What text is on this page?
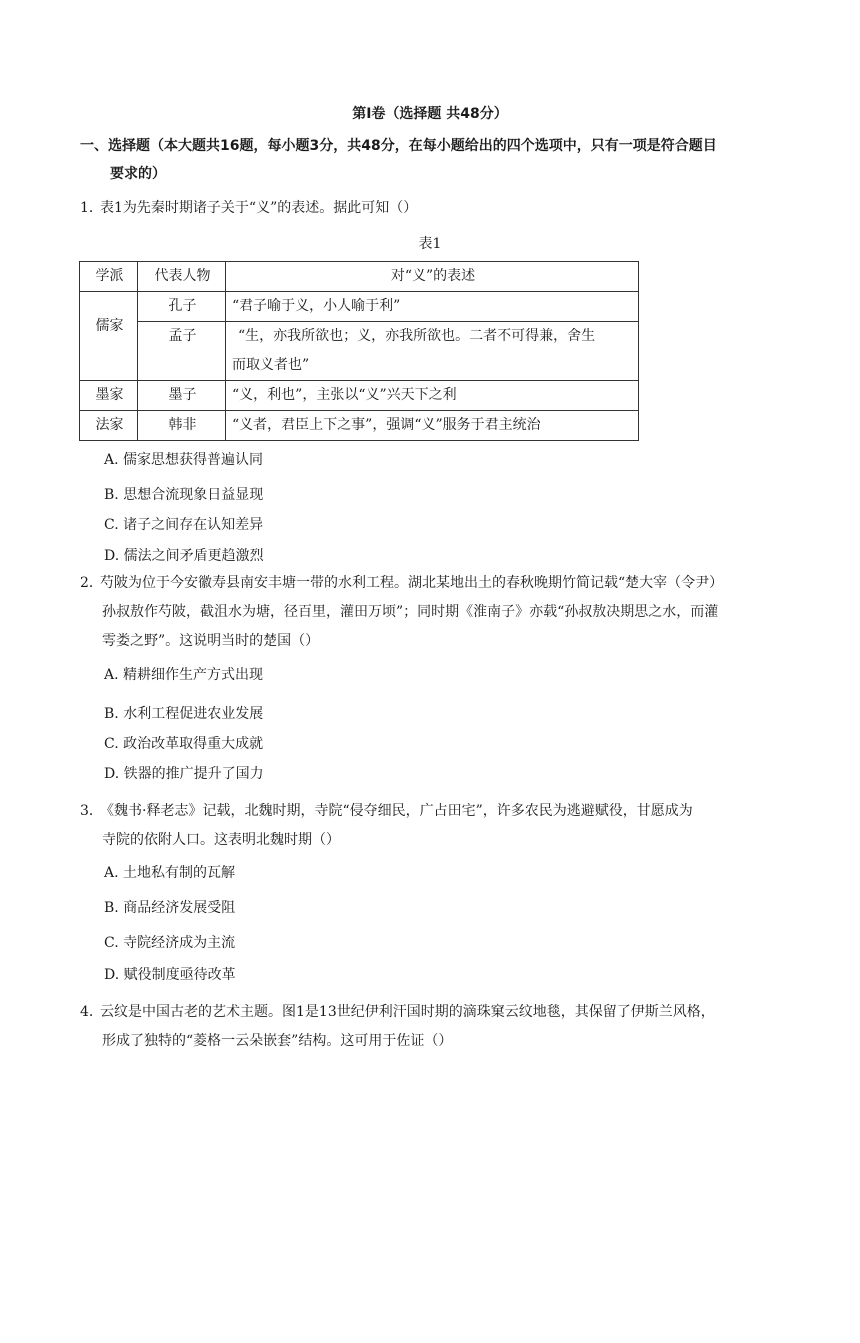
第Ⅰ卷（选择题 共48分）
一、选择题（本大题共16题，每小题3分，共48分，在每小题给出的四个选项中，只有一项是符合题目
要求的）
1．表1为先秦时期诸子关于“义”的表述。据此可知（）
表1
学派	代表人物	对“义”的表述
儒家	孔子	“君子喻于义，小人喻于利”
	孟子	“生，亦我所欲也；义，亦我所欲也。二者不可得兼，舍生
而取义者也”

墨家	墨子	“义，利也”，主张以“义”兴天下之利
法家	韩非	“义者，君臣上下之事”，强调“义”服务于君主统治
A. 儒家思想获得普遍认同
B. 思想合流现象日益显现
C. 诸子之间存在认知差异
D. 儒法之间矛盾更趋激烈
2．芍陂为位于今安徽寿县南安丰塘一带的水利工程。湖北某地出土的春秋晚期竹简记载“楚大宰（令尹）
孙叔敖作芍陂，截沮水为塘，径百里，灌田万顷”；同时期《淮南子》亦载“孙叔敖决期思之水，而灌
雩娄之野”。这说明当时的楚国（）
A. 精耕细作生产方式出现
B. 水利工程促进农业发展
C. 政治改革取得重大成就
D. 铁器的推广提升了国力
3．《魏书·释老志》记载，北魏时期，寺院“侵夺细民，广占田宅”，许多农民为逃避赋役，甘愿成为
寺院的依附人口。这表明北魏时期（）
A. 土地私有制的瓦解
B. 商品经济发展受阻
C. 寺院经济成为主流
D. 赋役制度亟待改革
4．云纹是中国古老的艺术主题。图1是13世纪伊利汗国时期的滴珠窠云纹地毯，其保留了伊斯兰风格，
形成了独特的“菱格一云朵嵌套”结构。这可用于佐证（）
